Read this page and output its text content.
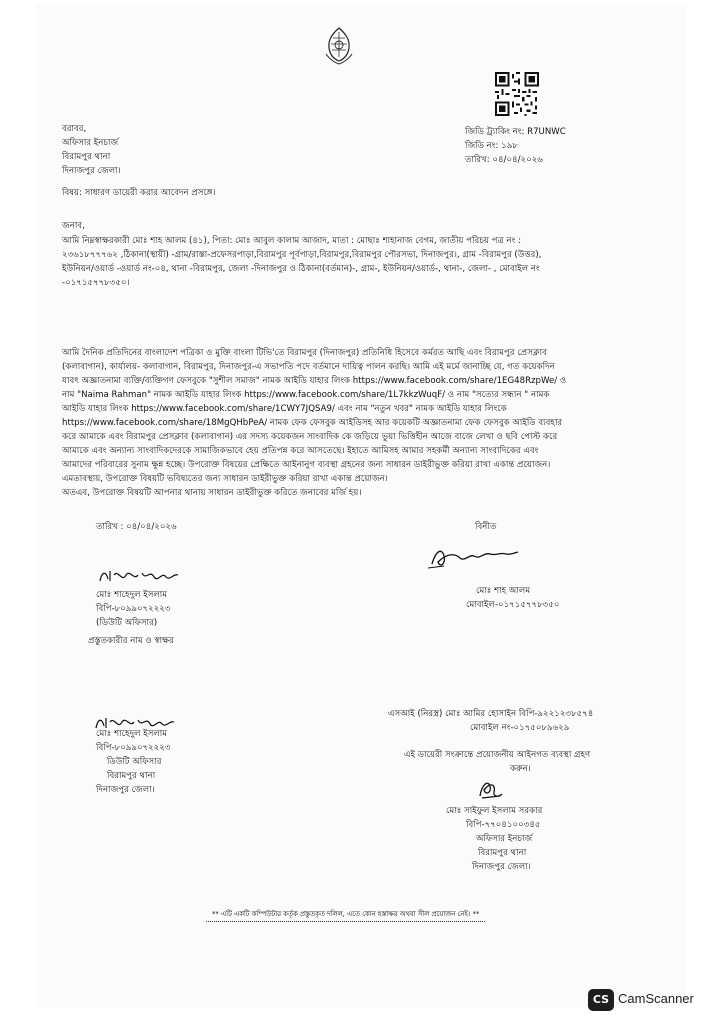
জিডি ট্র্যাকিং নং: R7UNWC
জিডি নং: ১৯৮
তারিখ: ০৪/০৪/২০২৬
বরাবর,
অফিসার ইনচার্জ
বিরামপুর থানা
দিনাজপুর জেলা।
বিষয়: সাধারণ ডায়েরী করার আবেদন প্রসঙ্গে।
জনাব,
আমি নিম্নস্বাক্ষরকারী মোঃ শাহ আলম (৪১), পিতা: মোঃ আবুল কালাম আজাদ, মাতা : মোছাঃ শাহানাজ বেগম, জাতীয় পরিচয় পত্র নং :
২৩৬১৮৭৭৭৬২ ,ঠিকানা(স্থায়ী) -গ্রাম/রাস্তা-প্রফেসরপাড়া,বিরামপুর পূর্বপাড়া,বিরামপুর,বিরামপুর পৌরসভা, দিনাজপুর।, গ্রাম -বিরামপুর (উত্তর),
ইউনিয়ন/ওয়ার্ড -ওয়ার্ড নং-০৪, থানা -বিরামপুর, জেলা -দিনাজপুর ও ঠিকানা(বর্তমান)-, গ্রাম-, ইউনিয়ন/ওয়ার্ড-, থানা-, জেলা- , মোবাইল নং
-০১৭১৫৭৭৮৩৫০।
আমি দৈনিক প্রতিদিনের বাংলাদেশ পত্রিকা ও মুক্তি বাংলা টিভি'তে বিরামপুর (দিনাজপুর) প্রতিনিধি হিসেবে কর্মরত আছি এবং বিরামপুর প্রেসক্লাব
(কলাবাগান), কার্যালয়- কলাবাগান, বিরামপুর, দিনাজপুর-এ সভাপতি পদে বর্তমানে দায়িত্ব পালন করছি। আমি এই মর্মে জানাচ্ছি যে, গত কয়েকদিন
যাবৎ অজ্ঞাতনামা ব্যক্তি/ব্যক্তিগণ ফেসবুকে "সুশীল সমাজ" নামক আইডি যাহার লিংক https://www.facebook.com/share/1EG48RzpWe/ ও
নাম "Naima Rahman" নামক আইডি যাহার লিংক https://www.facebook.com/share/1L7kkzWuqF/ ও নাম "সত্যের সন্ধান " নামক
আইডি যাহার লিংক https://www.facebook.com/share/1CWY7JQSA9/ এবং নাম "নতুন খবর" নামক আইডি যাহার লিংকে
https://www.facebook.com/share/18MgQHbPeA/ নামক ফেক ফেসবুক আইডিসহ আর কয়েকটি অজ্ঞাতনামা ফেক ফেসবুক আইডি ব্যবহার
করে আমাকে এবং বিরামপুর প্রেসক্লাব (কলাবাগান) এর সদস্য কয়েকজন সাংবাদিক কে জড়িয়ে ভুয়া ভিত্তিহীন আজে বাজে লেখা ও ছবি পোস্ট করে
আমাকে এবং অন্যান্য সাংবাদিকদেরকে সামাজিকভাবে হেয় প্রতিপন্ন করে আসতেছে। ইহাতে আমিসহ আমার সহকর্মী অন্যান্য সাংবাদিকের এবং
আমাদের পরিবারের সুনাম ক্ষুন্ন হচ্ছে। উপরোক্ত বিষয়ের প্রেক্ষিতে আইনানুগ ব্যবস্থা গ্রহনের জন্য সাধারন ডাইরীভুক্ত করিয়া রাখা একান্ত প্রয়োজন।
এমতাবস্থায়, উপরোক্ত বিষয়টি ভবিষ্যতের জন্য সাধারন ডাইরীভুক্ত করিয়া রাখা একান্ত প্রয়োজন।
অতএব, উপরোক্ত বিষয়টি আপনার থানায় সাধারন ডাইরীভুক্ত করিতে জনাবের মর্জি হয়।
তারিখ : ০৪/০৪/২০২৬	বিনীত
মোঃ শাহ আলম
মোবাইল-০১৭১৫৭৭৮৩৫০
মোঃ শাহেদুল ইসলাম
বিপি-৮০৯৯০৭২২২৩
(ডিউটি অফিসার)
প্রস্তুতকারীর নাম ও স্বাক্ষর
মোঃ শাহেদুল ইসলাম
বিপি-৮০৯৯০৭২২২৩
ডিউটি অফিসার
বিরামপুর থানা
দিনাজপুর জেলা।
এসআই (নিরস্ত্র) মোঃ আমির হোসাইন বিপি-৯২২১২৩৮৫৭৪
মোবাইল নং-০১৭৫০৮৯৬২৯
এই ডায়েরী সংক্রান্তে প্রয়োজনীয় আইনগত ব্যবস্থা গ্রহণ
করুন।
মোঃ সাইফুল ইসলাম সরকার
বিপি-৭৭০৪১০০৩৪৫
অফিসার ইনচার্জ
বিরামপুর থানা
দিনাজপুর জেলা।
** এটি একটি কম্পিউটার কর্তৃক প্রস্তুতকৃত দলিল, এতে কোন হস্তাক্ষর অথবা সীল প্রয়োজন নেই। **
CS CamScanner
